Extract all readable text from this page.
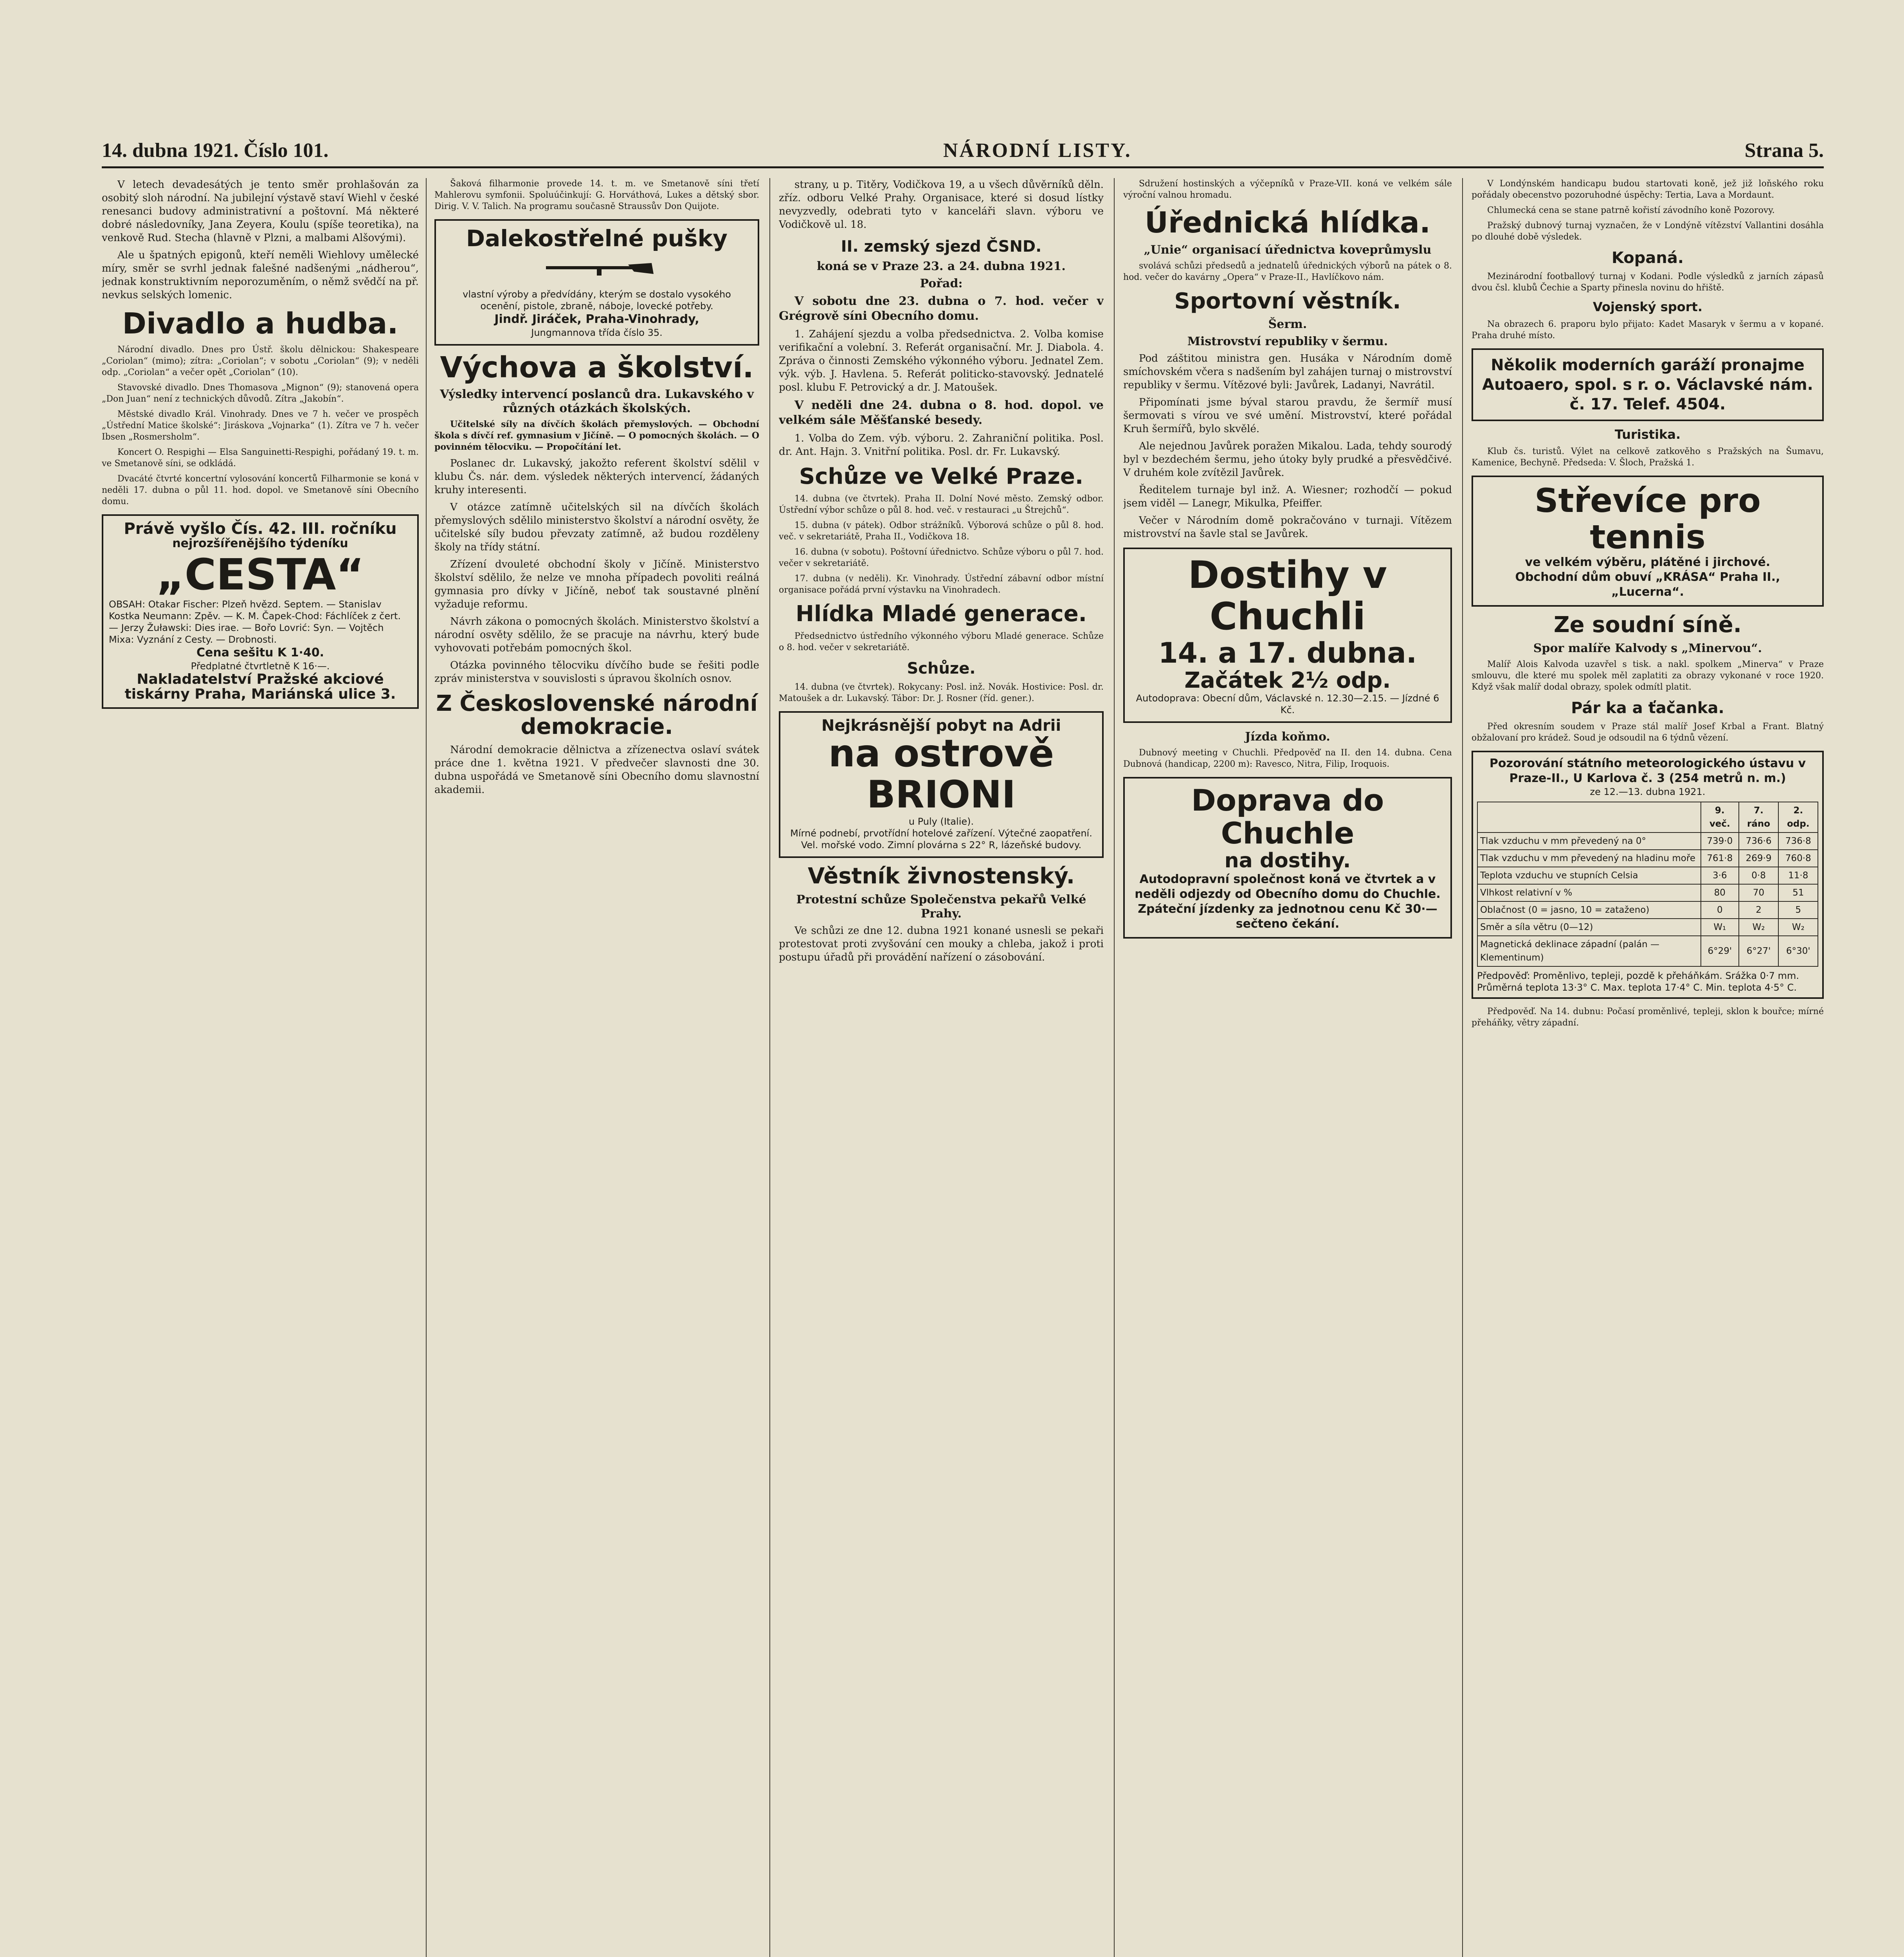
14. dubna 1921. Číslo 101.	NÁRODNÍ LISTY.	Strana 5.

V letech devadesátých je tento směr prohlašován za osobitý sloh národní. Na jubilejní výstavě staví Wiehl v české renesanci budovy administrativní a poštovní. Má některé dobré následovníky, Jana Zeyera, Koulu (spíše teoretika), na venkově Rud. Stecha (hlavně v Plzni, a malbami Alšovými).

Ale u špatných epigonů, kteří neměli Wiehlovy umělecké míry, směr se svrhl jednak falešné nadšenými „nádherou“, jednak konstruktivním neporozuměním, o němž svědčí na př. nevkus selských lomenic.

Divadlo a hudba.

Národní divadlo. Dnes pro Ústř. školu dělnickou: Shakespeare „Coriolan“ (mimo); zítra: „Coriolan“; v sobotu „Coriolan“ (9); v neděli odp. „Coriolan“ a večer opět „Coriolan“ (10).

Stavovské divadlo. Dnes Thomasova „Mignon“ (9); stanovená opera „Don Juan“ není z technických důvodů. Zítra „Jakobín“.

Městské divadlo Král. Vinohrady. Dnes ve 7 h. večer ve prospěch „Ústřední Matice školské“: Jiráskova „Vojnarka“ (1). Zítra ve 7 h. večer Ibsen „Rosmersholm“.

Koncert O. Respighi — Elsa Sanguinetti-Respighi, pořádaný 19. t. m. ve Smetanově síni, se odkládá.

Dvacáté čtvrté koncertní vylosování koncertů Filharmonie se koná v neděli 17. dubna o půl 11. hod. dopol. ve Smetanově síni Obecního domu.

Právě vyšlo Čís. 42. III. ročníku
nejrozšířenějšího týdeníku
„CESTA“
OBSAH: Otakar Fischer: Plzeň hvězd. Septem. — Stanislav Kostka Neumann: Zpěv. — K. M. Čapek-Chod: Fáchlíček z čert. — Jerzy Žuławski: Dies irae. — Bořo Lovrić: Syn. — Vojtěch Mixa: Vyznání z Cesty. — Drobnosti.
Cena sešitu K 1·40.
Předplatné čtvrtletně K 16·—.
Nakladatelství Pražské akciové tiskárny Praha, Mariánská ulice 3.

Šaková filharmonie provede 14. t. m. ve Smetanově síni třetí Mahlerovu symfonii. Spoluúčinkují: G. Horváthová, Lukes a dětský sbor. Dirig. V. V. Talich. Na programu současně Straussův Don Quijote.

Dalekostřelné pušky
vlastní výroby a předvídány, kterým se dostalo vysokého ocenění, pistole, zbraně, náboje, lovecké potřeby.
Jindř. Jiráček, Praha-Vinohrady,
Jungmannova třída číslo 35.
Výchova a školství.
Výsledky intervencí poslanců dra. Lukavského v různých otázkách školských.

Učitelské síly na dívčích školách přemyslových. — Obchodní škola s dívčí ref. gymnasium v Jičíně. — O pomocných školách. — O povinném tělocviku. — Propočítání let.

Poslanec dr. Lukavský, jakožto referent školství sdělil v klubu Čs. nár. dem. výsledek některých intervencí, žádaných kruhy interesenti.

V otázce zatímně učitelských sil na dívčích školách přemyslových sdělilo ministerstvo školství a národní osvěty, že učitelské síly budou převzaty zatímně, až budou rozděleny školy na třídy státní.

Zřízení dvouleté obchodní školy v Jičíně. Ministerstvo školství sdělilo, že nelze ve mnoha případech povoliti reálná gymnasia pro dívky v Jičíně, neboť tak soustavné plnění vyžaduje reformu.

Návrh zákona o pomocných školách. Ministerstvo školství a národní osvěty sdělilo, že se pracuje na návrhu, který bude vyhovovati potřebám pomocných škol.

Otázka povinného tělocviku dívčího bude se řešiti podle zpráv ministerstva v souvislosti s úpravou školních osnov.

Z Československé národní demokracie.

Národní demokracie dělnictva a zřízenectva oslaví svátek práce dne 1. května 1921. V předvečer slavnosti dne 30. dubna uspořádá ve Smetanově síni Obecního domu slavnostní akademii.

strany, u p. Titěry, Vodičkova 19, a u všech důvěrníků děln. zříz. odboru Velké Prahy. Organisace, které si dosud lístky nevyzvedly, odebrati tyto v kanceláři slavn. výboru ve Vodičkově ul. 18.

II. zemský sjezd ČSND.
koná se v Praze 23. a 24. dubna 1921.
Pořad:

V sobotu dne 23. dubna o 7. hod. večer v Grégrově síni Obecního domu.

1. Zahájení sjezdu a volba předsednictva. 2. Volba komise verifikační a volební. 3. Referát organisační. Mr. J. Diabola. 4. Zpráva o činnosti Zemského výkonného výboru. Jednatel Zem. výk. výb. J. Havlena. 5. Referát politicko-stavovský. Jednatelé posl. klubu F. Petrovický a dr. J. Matoušek.

V neděli dne 24. dubna o 8. hod. dopol. ve velkém sále Měšťanské besedy.

1. Volba do Zem. výb. výboru. 2. Zahraniční politika. Posl. dr. Ant. Hajn. 3. Vnitřní politika. Posl. dr. Fr. Lukavský.

Schůze ve Velké Praze.

14. dubna (ve čtvrtek). Praha II. Dolní Nové město. Zemský odbor. Ústřední výbor schůze o půl 8. hod. več. v restauraci „u Štrejchů“.

15. dubna (v pátek). Odbor strážníků. Výborová schůze o půl 8. hod. več. v sekretariátě, Praha II., Vodičkova 18.

16. dubna (v sobotu). Poštovní úřednictvo. Schůze výboru o půl 7. hod. večer v sekretariátě.

17. dubna (v neděli). Kr. Vinohrady. Ústřední zábavní odbor místní organisace pořádá první výstavku na Vinohradech.

Hlídka Mladé generace.

Předsednictvo ústředního výkonného výboru Mladé generace. Schůze o 8. hod. večer v sekretariátě.

Schůze.

14. dubna (ve čtvrtek). Rokycany: Posl. inž. Novák. Hostivice: Posl. dr. Matoušek a dr. Lukavský. Tábor: Dr. J. Rosner (říd. gener.).

Nejkrásnější pobyt na Adrii
na ostrově BRIONI
u Puly (Italie).
Mírné podnebí, prvotřídní hotelové zařízení. Výtečné zaopatření. Vel. mořské vodo. Zimní plovárna s 22° R, lázeňské budovy.
Věstník živnostenský.
Protestní schůze Společenstva pekařů Velké Prahy.

Ve schůzi ze dne 12. dubna 1921 konané usnesli se pekaři protestovat proti zvyšování cen mouky a chleba, jakož i proti postupu úřadů při provádění nařízení o zásobování.

Sdružení hostinských a výčepníků v Praze-VII. koná ve velkém sále výroční valnou hromadu.

Úřednická hlídka.
„Unie“ organisací úřednictva koveprůmyslu

svolává schůzi předsedů a jednatelů úřednických výborů na pátek o 8. hod. večer do kavárny „Opera“ v Praze-II., Havlíčkovo nám.

Sportovní věstník.
Šerm.
Mistrovství republiky v šermu.

Pod záštitou ministra gen. Husáka v Národním domě smíchovském včera s nadšením byl zahájen turnaj o mistrovství republiky v šermu. Vítězové byli: Javůrek, Ladanyi, Navrátil.

Připomínati jsme býval starou pravdu, že šermíř musí šermovati s vírou ve své umění. Mistrovství, které pořádal Kruh šermířů, bylo skvělé.

Ale nejednou Javůrek poražen Mikalou. Lada, tehdy sourodý byl v bezdechém šermu, jeho útoky byly prudké a přesvědčivé. V druhém kole zvítězil Javůrek.

Ředitelem turnaje byl inž. A. Wiesner; rozhodčí — pokud jsem viděl — Lanegr, Mikulka, Pfeiffer.

Večer v Národním domě pokračováno v turnaji. Vítězem mistrovství na šavle stal se Javůrek.

Dostihy v Chuchli
14. a 17. dubna.
Začátek 2½ odp.
Autodoprava: Obecní dům, Václavské n. 12.30—2.15. — Jízdné 6 Kč.
Jízda koňmo.

Dubnový meeting v Chuchli. Předpověď na II. den 14. dubna. Cena Dubnová (handicap, 2200 m): Ravesco, Nitra, Filip, Iroquois.

Doprava do Chuchle
na dostihy.
Autodopravní společnost koná ve čtvrtek a v neděli odjezdy od Obecního domu do Chuchle. Zpáteční jízdenky za jednotnou cenu Kč 30·— sečteno čekání.

V Londýnském handicapu budou startovati koně, jež již loňského roku pořádaly obecenstvo pozoruhodné úspěchy: Tertia, Lava a Mordaunt.

Chlumecká cena se stane patrně kořistí závodního koně Pozorovy.

Pražský dubnový turnaj vyznačen, že v Londýně vítězství Vallantini dosáhla po dlouhé době výsledek.

Kopaná.

Mezinárodní footballový turnaj v Kodani. Podle výsledků z jarních zápasů dvou čsl. klubů Čechie a Sparty přinesla novinu do hřiště.

Vojenský sport.

Na obrazech 6. praporu bylo přijato: Kadet Masaryk v šermu a v kopané. Praha druhé místo.

Několik moderních garáží pronajme Autoaero, spol. s r. o. Václavské nám. č. 17. Telef. 4504.
Turistika.

Klub čs. turistů. Výlet na celkově zatkověho s Pražských na Šumavu, Kamenice, Bechyně. Předseda: V. Šloch, Pražská 1.

Střevíce pro tennis
ve velkém výběru, plátěné i jirchové.
Obchodní dům obuví „KRÁSA“ Praha II., „Lucerna“.
Ze soudní síně.
Spor malíře Kalvody s „Minervou“.

Malíř Alois Kalvoda uzavřel s tisk. a nakl. spolkem „Minerva“ v Praze smlouvu, dle které mu spolek měl zaplatiti za obrazy vykonané v roce 1920. Když však malíř dodal obrazy, spolek odmítl platit.

Pár ka a ťačanka.

Před okresním soudem v Praze stál malíř Josef Krbal a Frant. Blatný obžalovaní pro krádež. Soud je odsoudil na 6 týdnů vězení.

Pozorování státního meteorologického ústavu v Praze-II., U Karlova č. 3 (254 metrů n. m.)
ze 12.—13. dubna 1921.
	9. več.	7. ráno	2. odp.
Tlak vzduchu v mm převedený na 0°	739·0	736·6	736·8
Tlak vzduchu v mm převedený na hladinu moře	761·8	269·9	760·8
Teplota vzduchu ve stupních Celsia	3·6	0·8	11·8
Vlhkost relativní v %	80	70	51
Oblačnost (0 = jasno, 10 = zataženo)	0	2	5
Směr a síla větru (0—12)	W₁	W₂	W₂
Magnetická deklinace západní (palán — Klementinum)	6°29'	6°27'	6°30'
Předpověď: Proměnlivo, tepleji, pozdě k přeháňkám. Srážka 0·7 mm. Průměrná teplota 13·3° C. Max. teplota 17·4° C. Min. teplota 4·5° C.

Předpověď. Na 14. dubnu: Počasí proměnlivé, tepleji, sklon k bouřce; mírné přeháňky, větry západní.
